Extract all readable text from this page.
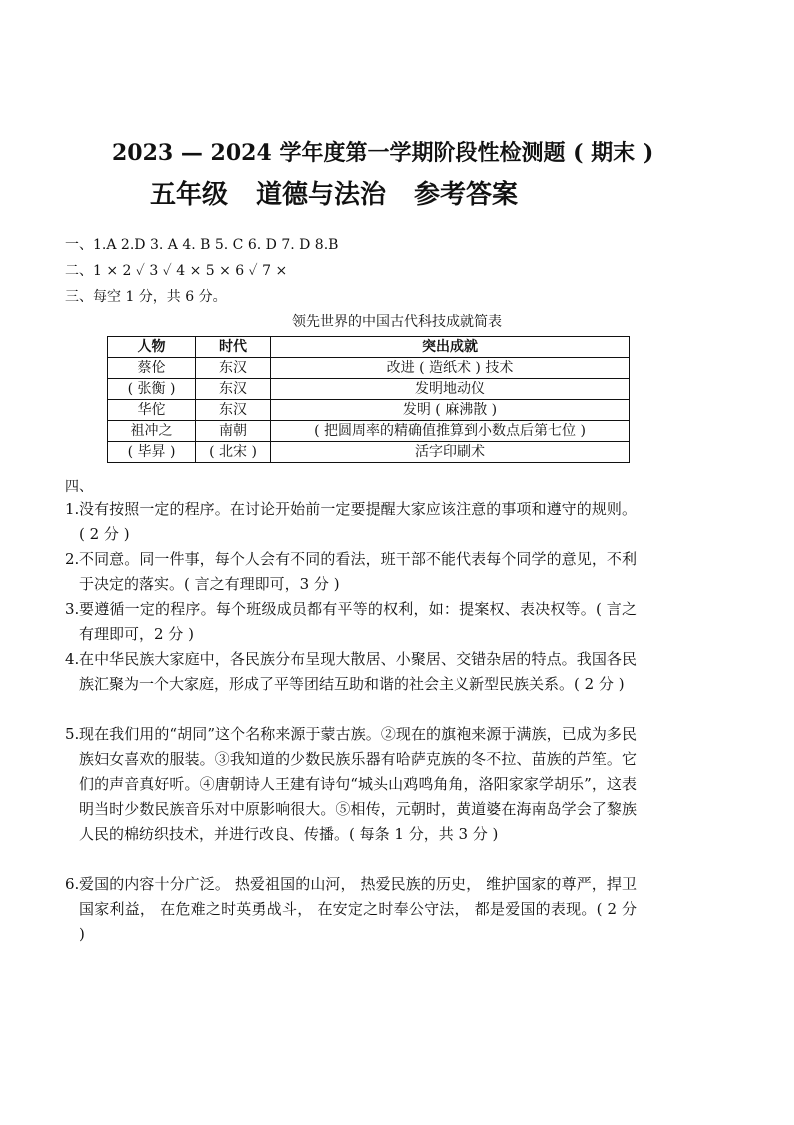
2023 — 2024 学年度第一学期阶段性检测题 ( 期末 )
五年级 道德与法治 参考答案
一、1.A 2.D 3. A 4. B 5. C 6. D 7. D 8.B
二、1 × 2 ✓ 3 ✓ 4 × 5 × 6 ✓ 7 ×
三、每空 1 分，共 6 分。
领先世界的中国古代科技成就简表
人物	时代	突出成就
蔡伦	东汉	改进 ( 造纸术 ) 技术
( 张衡 )	东汉	发明地动仪
华佗	东汉	发明 ( 麻沸散 )
祖冲之	南朝	( 把圆周率的精确值推算到小数点后第七位 )
( 毕昇 )	( 北宋 )	活字印刷术
四、
1. 没有按照一定的程序。在讨论开始前一定要提醒大家应该注意的事项和遵守的规则。( 2 分 )
2. 不同意。同一件事，每个人会有不同的看法，班干部不能代表每个同学的意见，不利于决定的落实。( 言之有理即可，3 分 )
3. 要遵循一定的程序。每个班级成员都有平等的权利，如：提案权、表决权等。( 言之有理即可，2 分 )
4. 在中华民族大家庭中，各民族分布呈现大散居、小聚居、交错杂居的特点。我国各民族汇聚为一个大家庭，形成了平等团结互助和谐的社会主义新型民族关系。( 2 分 )
5. 现在我们用的“胡同”这个名称来源于蒙古族。②现在的旗袍来源于满族，已成为多民族妇女喜欢的服装。③我知道的少数民族乐器有哈萨克族的冬不拉、苗族的芦笙。它们的声音真好听。④唐朝诗人王建有诗句“城头山鸡鸣角角，洛阳家家学胡乐”，这表明当时少数民族音乐对中原影响很大。⑤相传，元朝时，黄道婆在海南岛学会了黎族人民的棉纺织技术，并进行改良、传播。( 每条 1 分，共 3 分 )
6. 爱国的内容十分广泛。 热爱祖国的山河， 热爱民族的历史， 维护国家的尊严，捍卫国家利益， 在危难之时英勇战斗， 在安定之时奉公守法， 都是爱国的表现。( 2 分 )
